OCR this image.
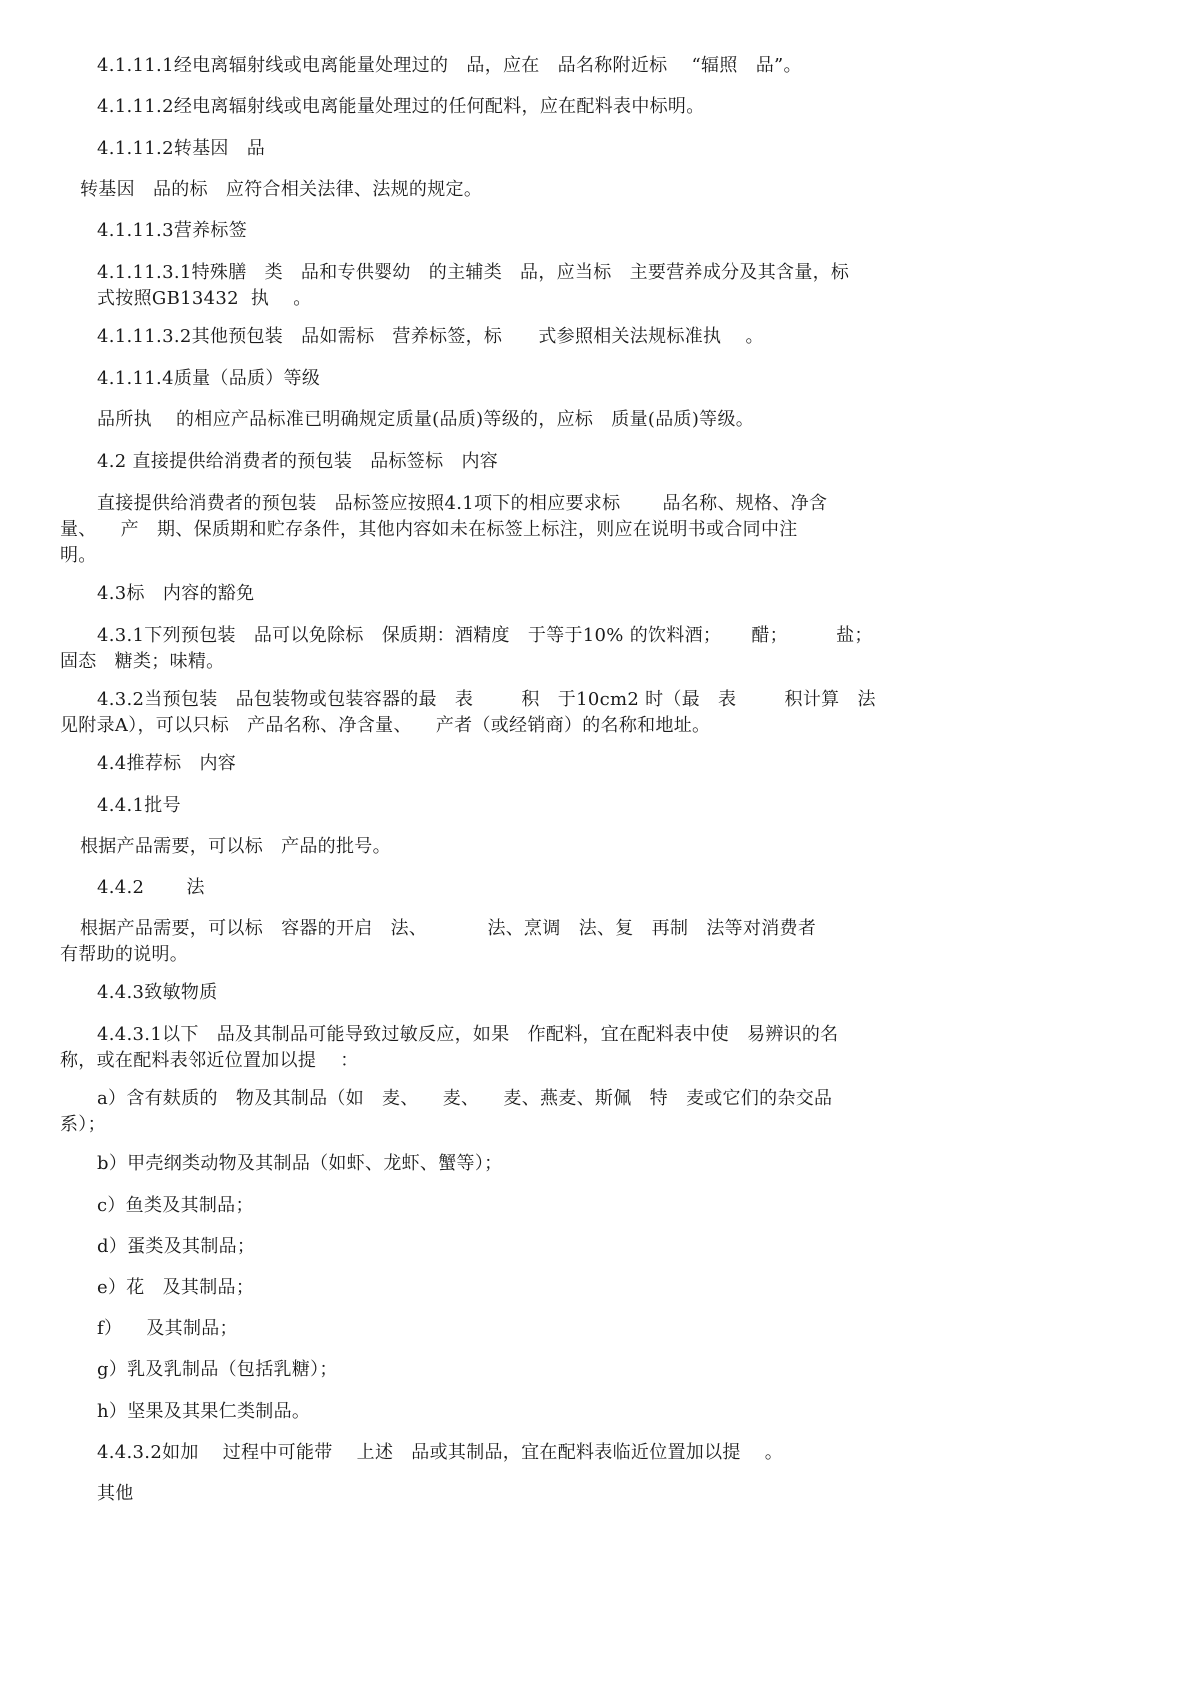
4.1.11.1经电离辐射线或电离能量处理过的   品，应在   品名称附近标    “辐照   品”。
4.1.11.2经电离辐射线或电离能量处理过的任何配料，应在配料表中标明。
4.1.11.2转基因   品
转基因   品的标   应符合相关法律、法规的规定。
4.1.11.3营养标签
4.1.11.3.1特殊膳   类   品和专供婴幼   的主辅类   品，应当标   主要营养成分及其含量，标
式按照GB13432  执    。
4.1.11.3.2其他预包装   品如需标   营养标签，标      式参照相关法规标准执    。
4.1.11.4质量（品质）等级
品所执    的相应产品标准已明确规定质量(品质)等级的，应标   质量(品质)等级。
4.2 直接提供给消费者的预包装   品标签标   内容
直接提供给消费者的预包装   品标签应按照4.1项下的相应要求标       品名称、规格、净含
量、    产   期、保质期和贮存条件，其他内容如未在标签上标注，则应在说明书或合同中注
明。
4.3标   内容的豁免
4.3.1下列预包装   品可以免除标   保质期：酒精度   于等于10% 的饮料酒；     醋；        盐；
固态   糖类；味精。
4.3.2当预包装   品包装物或包装容器的最   表        积   于10cm2 时（最   表        积计算   法
见附录A），可以只标   产品名称、净含量、    产者（或经销商）的名称和地址。
4.4推荐标   内容
4.4.1批号
根据产品需要，可以标   产品的批号。
4.4.2       法
根据产品需要，可以标   容器的开启   法、          法、烹调   法、复   再制   法等对消费者
有帮助的说明。
4.4.3致敏物质
4.4.3.1以下   品及其制品可能导致过敏反应，如果   作配料，宜在配料表中使   易辨识的名
称，或在配料表邻近位置加以提    ：
a）含有麸质的   物及其制品（如   麦、    麦、    麦、燕麦、斯佩   特   麦或它们的杂交品
系）；
b）甲壳纲类动物及其制品（如虾、龙虾、蟹等）；
c）鱼类及其制品；
d）蛋类及其制品；
e）花   及其制品；
f）    及其制品；
g）乳及乳制品（包括乳糖）；
h）坚果及其果仁类制品。
4.4.3.2如加    过程中可能带    上述   品或其制品，宜在配料表临近位置加以提    。
其他
